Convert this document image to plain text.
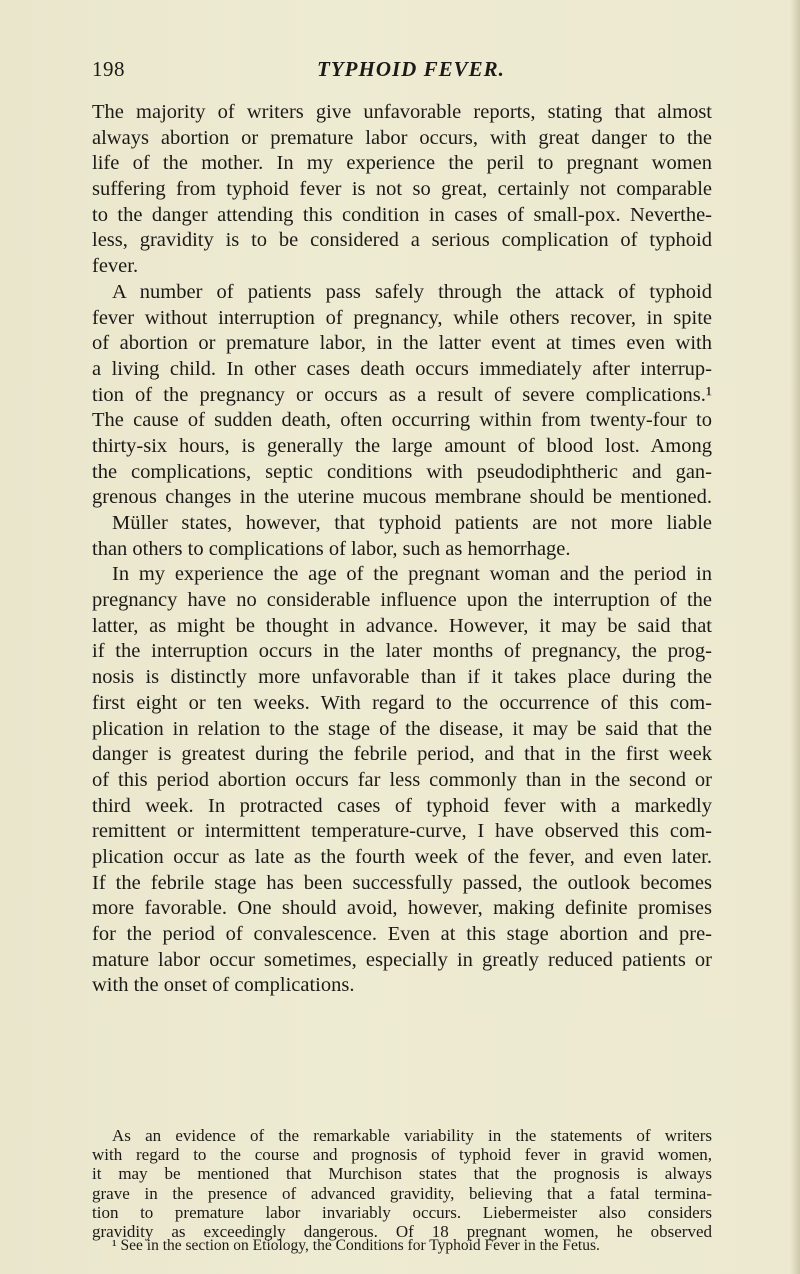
198	TYPHOID FEVER.
The majority of writers give unfavorable reports, stating that almost
always abortion or premature labor occurs, with great danger to the
life of the mother. In my experience the peril to pregnant women
suffering from typhoid fever is not so great, certainly not comparable
to the danger attending this condition in cases of small-pox. Neverthe-
less, gravidity is to be considered a serious complication of typhoid
fever.
A number of patients pass safely through the attack of typhoid
fever without interruption of pregnancy, while others recover, in spite
of abortion or premature labor, in the latter event at times even with
a living child. In other cases death occurs immediately after interrup-
tion of the pregnancy or occurs as a result of severe complications.¹
The cause of sudden death, often occurring within from twenty-four to
thirty-six hours, is generally the large amount of blood lost. Among
the complications, septic conditions with pseudodiphtheric and gan-
grenous changes in the uterine mucous membrane should be mentioned.
Müller states, however, that typhoid patients are not more liable
than others to complications of labor, such as hemorrhage.
In my experience the age of the pregnant woman and the period in
pregnancy have no considerable influence upon the interruption of the
latter, as might be thought in advance. However, it may be said that
if the interruption occurs in the later months of pregnancy, the prog-
nosis is distinctly more unfavorable than if it takes place during the
first eight or ten weeks. With regard to the occurrence of this com-
plication in relation to the stage of the disease, it may be said that the
danger is greatest during the febrile period, and that in the first week
of this period abortion occurs far less commonly than in the second or
third week. In protracted cases of typhoid fever with a markedly
remittent or intermittent temperature-curve, I have observed this com-
plication occur as late as the fourth week of the fever, and even later.
If the febrile stage has been successfully passed, the outlook becomes
more favorable. One should avoid, however, making definite promises
for the period of convalescence. Even at this stage abortion and pre-
mature labor occur sometimes, especially in greatly reduced patients or
with the onset of complications.
As an evidence of the remarkable variability in the statements of writers
with regard to the course and prognosis of typhoid fever in gravid women,
it may be mentioned that Murchison states that the prognosis is always
grave in the presence of advanced gravidity, believing that a fatal termina-
tion to premature labor invariably occurs. Liebermeister also considers
gravidity as exceedingly dangerous. Of 18 pregnant women, he observed
¹ See in the section on Etiology, the Conditions for Typhoid Fever in the Fetus.
